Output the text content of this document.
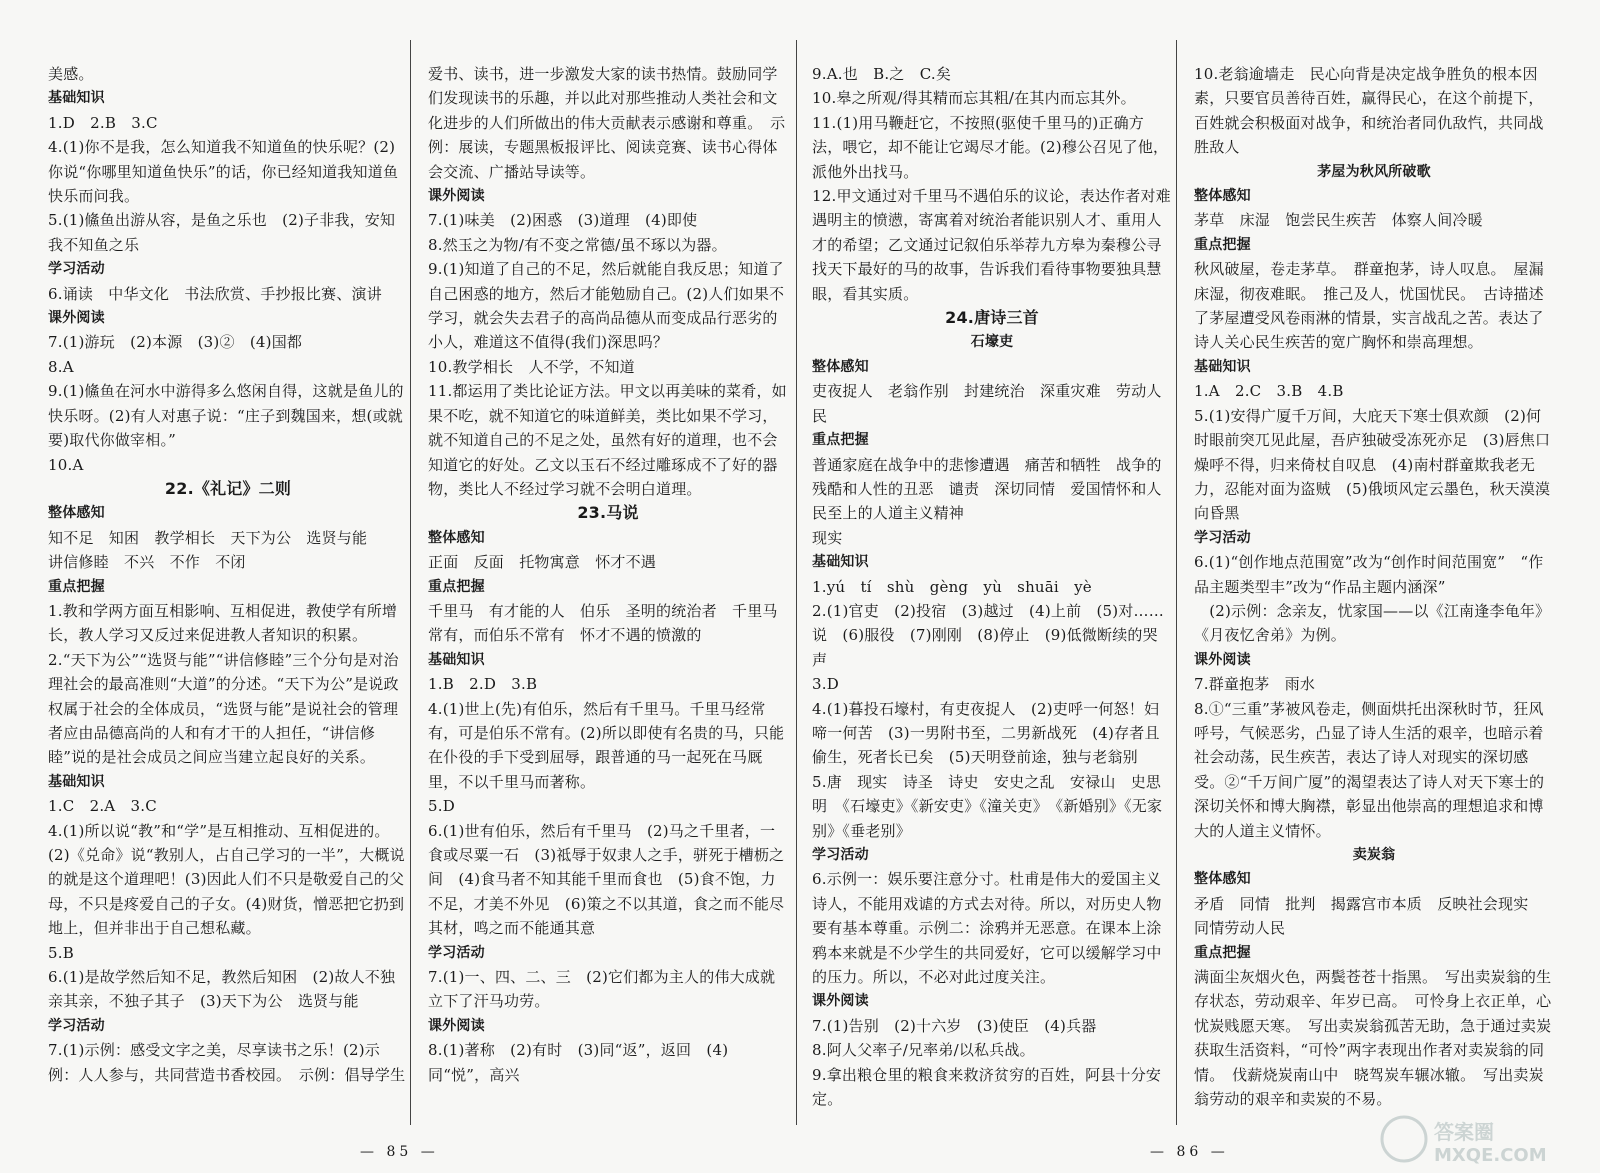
美感。

基础知识

1.D　2.B　3.C

4.(1)你不是我，怎么知道我不知道鱼的快乐呢？(2)你说“你哪里知道鱼快乐”的话，你已经知道我知道鱼快乐而问我。

5.(1)鯈鱼出游从容，是鱼之乐也　(2)子非我，安知我不知鱼之乐

学习活动

6.诵读　中华文化　书法欣赏、手抄报比赛、演讲

课外阅读

7.(1)游玩　(2)本源　(3)②　(4)国都

8.A

9.(1)鯈鱼在河水中游得多么悠闲自得，这就是鱼儿的快乐呀。(2)有人对惠子说：“庄子到魏国来，想(或就要)取代你做宰相。”

10.A

22.《礼记》二则

整体感知

知不足　知困　教学相长　天下为公　选贤与能

讲信修睦　不兴　不作　不闭

重点把握

1.教和学两方面互相影响、互相促进，教使学有所增长，教人学习又反过来促进教人者知识的积累。

2.“天下为公”“选贤与能”“讲信修睦”三个分句是对治理社会的最高准则“大道”的分述。“天下为公”是说政权属于社会的全体成员，“选贤与能”是说社会的管理者应由品德高尚的人和有才干的人担任，“讲信修睦”说的是社会成员之间应当建立起良好的关系。

基础知识

1.C　2.A　3.C

4.(1)所以说“教”和“学”是互相推动、互相促进的。(2)《兑命》说“教别人，占自己学习的一半”，大概说的就是这个道理吧！(3)因此人们不只是敬爱自己的父母，不只是疼爱自己的子女。(4)财货，憎恶把它扔到地上，但并非出于自己想私藏。

5.B

6.(1)是故学然后知不足，教然后知困　(2)故人不独亲其亲，不独子其子　(3)天下为公　选贤与能

学习活动

7.(1)示例：感受文字之美，尽享读书之乐！(2)示例：人人参与，共同营造书香校园。　示例：倡导学生

爱书、读书，进一步激发大家的读书热情。鼓励同学们发现读书的乐趣，并以此对那些推动人类社会和文化进步的人们所做出的伟大贡献表示感谢和尊重。　示例：展读，专题黑板报评比、阅读竞赛、读书心得体会交流、广播站导读等。

课外阅读

7.(1)味美　(2)困惑　(3)道理　(4)即使

8.然玉之为物/有不变之常德/虽不琢以为器。

9.(1)知道了自己的不足，然后就能自我反思；知道了自己困惑的地方，然后才能勉励自己。(2)人们如果不学习，就会失去君子的高尚品德从而变成品行恶劣的小人，难道这不值得(我们)深思吗？

10.教学相长　人不学，不知道

11.都运用了类比论证方法。甲文以再美味的菜肴，如果不吃，就不知道它的味道鲜美，类比如果不学习，就不知道自己的不足之处，虽然有好的道理，也不会知道它的好处。乙文以玉石不经过雕琢成不了好的器物，类比人不经过学习就不会明白道理。

23.马说

整体感知

正面　反面　托物寓意　怀才不遇

重点把握

千里马　有才能的人　伯乐　圣明的统治者　千里马常有，而伯乐不常有　怀才不遇的愤激的

基础知识

1.B　2.D　3.B

4.(1)世上(先)有伯乐，然后有千里马。千里马经常有，可是伯乐不常有。(2)所以即使有名贵的马，只能在仆役的手下受到屈辱，跟普通的马一起死在马厩里，不以千里马而著称。

5.D

6.(1)世有伯乐，然后有千里马　(2)马之千里者，一食或尽粟一石　(3)祗辱于奴隶人之手，骈死于槽枥之间　(4)食马者不知其能千里而食也　(5)食不饱，力不足，才美不外见　(6)策之不以其道，食之而不能尽其材，鸣之而不能通其意

学习活动

7.(1)一、四、二、三　(2)它们都为主人的伟大成就立下了汗马功劳。

课外阅读

8.(1)著称　(2)有时　(3)同“返”，返回　(4)同“悦”，高兴

— 85 —

9.A.也　B.之　C.矣

10.皋之所观/得其精而忘其粗/在其内而忘其外。

11.(1)用马鞭赶它，不按照(驱使千里马的)正确方法，喂它，却不能让它竭尽才能。(2)穆公召见了他，派他外出找马。

12.甲文通过对千里马不遇伯乐的议论，表达作者对难遇明主的愤懑，寄寓着对统治者能识别人才、重用人才的希望；乙文通过记叙伯乐举荐九方皋为秦穆公寻找天下最好的马的故事，告诉我们看待事物要独具慧眼，看其实质。

24.唐诗三首

石壕吏

整体感知

吏夜捉人　老翁作别　封建统治　深重灾难　劳动人民

重点把握

普通家庭在战争中的悲惨遭遇　痛苦和牺牲　战争的残酷和人性的丑恶　谴责　深切同情　爱国情怀和人民至上的人道主义精神

现实

基础知识

1.yú　tí　shù　gèng　yù　shuāi　yè

2.(1)官吏　(2)投宿　(3)越过　(4)上前　(5)对……说　(6)服役　(7)刚刚　(8)停止　(9)低微断续的哭声

3.D

4.(1)暮投石壕村，有吏夜捉人　(2)吏呼一何怒！妇啼一何苦　(3)一男附书至，二男新战死　(4)存者且偷生，死者长已矣　(5)天明登前途，独与老翁别

5.唐　现实　诗圣　诗史　安史之乱　安禄山　史思明　《石壕吏》《新安吏》《潼关吏》　《新婚别》《无家别》《垂老别》

学习活动

6.示例一：娱乐要注意分寸。杜甫是伟大的爱国主义诗人，不能用戏谑的方式去对待。所以，对历史人物要有基本尊重。示例二：涂鸦并无恶意。在课本上涂鸦本来就是不少学生的共同爱好，它可以缓解学习中的压力。所以，不必对此过度关注。

课外阅读

7.(1)告别　(2)十六岁　(3)使臣　(4)兵器

8.阿人父率子/兄率弟/以私兵战。

9.拿出粮仓里的粮食来救济贫穷的百姓，阿县十分安定。

10.老翁逾墙走　民心向背是决定战争胜负的根本因素，只要官员善待百姓，赢得民心，在这个前提下，百姓就会积极面对战争，和统治者同仇敌忾，共同战胜敌人

茅屋为秋风所破歌

整体感知

茅草　床湿　饱尝民生疾苦　体察人间冷暖

重点把握

秋风破屋，卷走茅草。　群童抱茅，诗人叹息。　屋漏床湿，彻夜难眠。　推己及人，忧国忧民。　古诗描述了茅屋遭受风卷雨淋的情景，实言战乱之苦。表达了诗人关心民生疾苦的宽广胸怀和崇高理想。

基础知识

1.A　2.C　3.B　4.B

5.(1)安得广厦千万间，大庇天下寒士俱欢颜　(2)何时眼前突兀见此屋，吾庐独破受冻死亦足　(3)唇焦口燥呼不得，归来倚杖自叹息　(4)南村群童欺我老无力，忍能对面为盗贼　(5)俄顷风定云墨色，秋天漠漠向昏黑

学习活动

6.(1)“创作地点范围宽”改为“创作时间范围宽”　“作品主题类型丰”改为“作品主题内涵深”

　(2)示例：念亲友，忧家国——以《江南逢李龟年》《月夜忆舍弟》为例。

课外阅读

7.群童抱茅　雨水

8.①“三重”茅被风卷走，侧面烘托出深秋时节，狂风呼号，气候恶劣，凸显了诗人生活的艰辛，也暗示着社会动荡，民生疾苦，表达了诗人对现实的深切感受。②“千万间广厦”的渴望表达了诗人对天下寒士的深切关怀和博大胸襟，彰显出他崇高的理想追求和博大的人道主义情怀。

卖炭翁

整体感知

矛盾　同情　批判　揭露宫市本质　反映社会现实　同情劳动人民

重点把握

满面尘灰烟火色，两鬓苍苍十指黑。　写出卖炭翁的生存状态，劳动艰辛、年岁已高。　可怜身上衣正单，心忧炭贱愿天寒。　写出卖炭翁孤苦无助，急于通过卖炭获取生活资料，“可怜”两字表现出作者对卖炭翁的同情。　伐薪烧炭南山中　晓驾炭车辗冰辙。　写出卖炭翁劳动的艰辛和卖炭的不易。

— 86 —
答案圈
MXQE.COM
